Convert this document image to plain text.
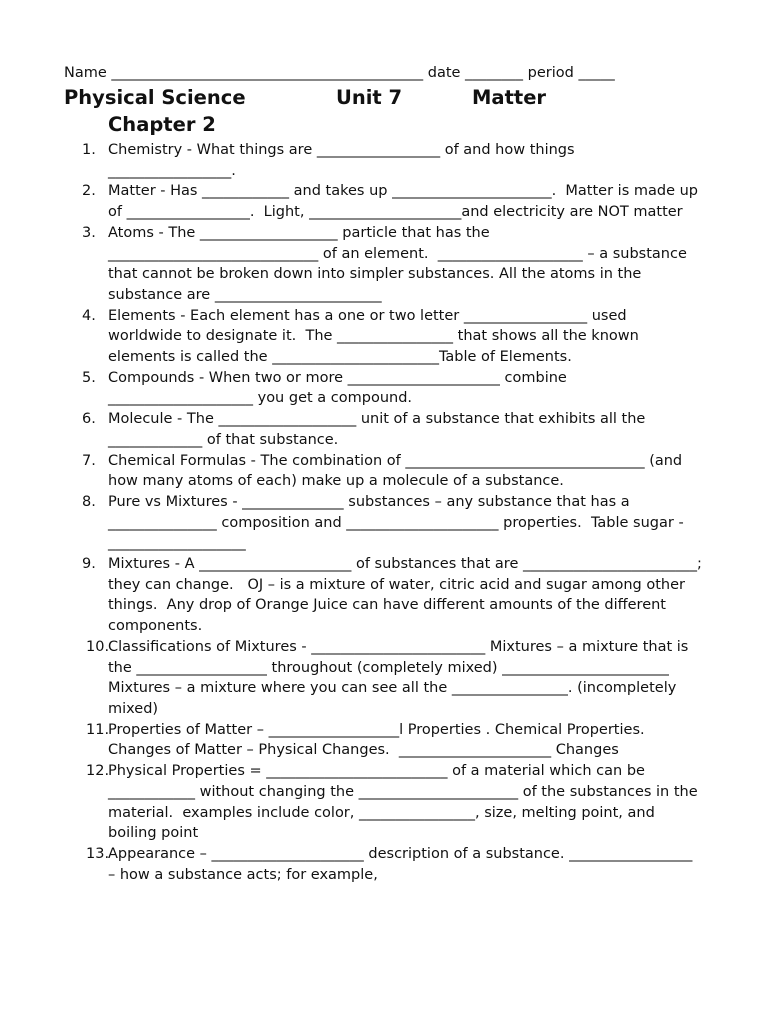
Name ___________________________________________ date ________ period _____
Physical Science	Unit 7	Matter
Chapter 2
1. Chemistry - What things are _________________ of and how things _________________.
2. Matter - Has ____________ and takes up ______________________.  Matter is made up of _________________.  Light, _____________________and electricity are NOT matter
3. Atoms - The ___________________ particle that has the _____________________________ of an element.  ____________________ – a substance that cannot be broken down into simpler substances. All the atoms in the substance are _______________________
4. Elements - Each element has a one or two letter _________________ used worldwide to designate it.  The ________________ that shows all the known elements is called the _______________________Table of Elements.
5. Compounds - When two or more _____________________ combine ____________________ you get a compound.
6. Molecule - The ___________________ unit of a substance that exhibits all the _____________ of that substance.
7. Chemical Formulas - The combination of _________________________________ (and how many atoms of each) make up a molecule of a substance.
8. Pure vs Mixtures - ______________ substances – any substance that has a _______________ composition and _____________________ properties.  Table sugar - ___________________
9. Mixtures - A _____________________ of substances that are ________________________; they can change.   OJ – is a mixture of water, citric acid and sugar among other things.  Any drop of Orange Juice can have different amounts of the different components.
10.
Classifications of Mixtures - ________________________ Mixtures – a mixture that is the __________________ throughout (completely mixed) _______________________ Mixtures – a mixture where you can see all the ________________. (incompletely mixed)
11.
Properties of Matter – __________________l Properties . Chemical Properties.  Changes of Matter – Physical Changes.  _____________________ Changes
12.
Physical Properties = _________________________ of a material which can be ____________ without changing the ______________________ of the substances in the material.  examples include color, ________________, size, melting point, and boiling point
13.
Appearance – _____________________ description of a substance. _________________ – how a substance acts; for example,
